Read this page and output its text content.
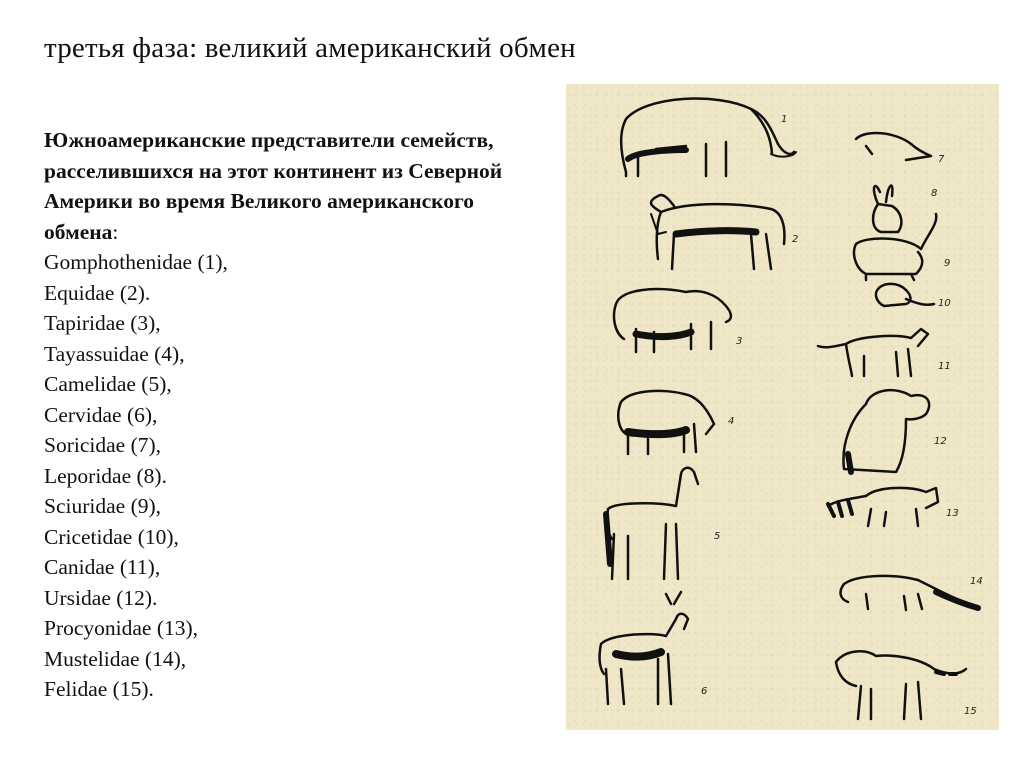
третья фаза: великий американский обмен
Южноамериканские представители семейств, расселившихся на этот континент из Северной Америки во время Великого американского обмена:
Gomphothenidae (1),
Equidae (2).
Tapiridae (3),
Tayassuidae (4),
Camelidae (5),
Cervidae (6),
Soricidae (7),
Leporidae (8).
Sciuridae (9),
Cricetidae (10),
Canidae (11),
Ursidae (12).
Procyonidae (13),
Mustelidae (14),
Felidae (15).
1
2
3
4
5
6
7
8
9
10
11
12
13
14
15
